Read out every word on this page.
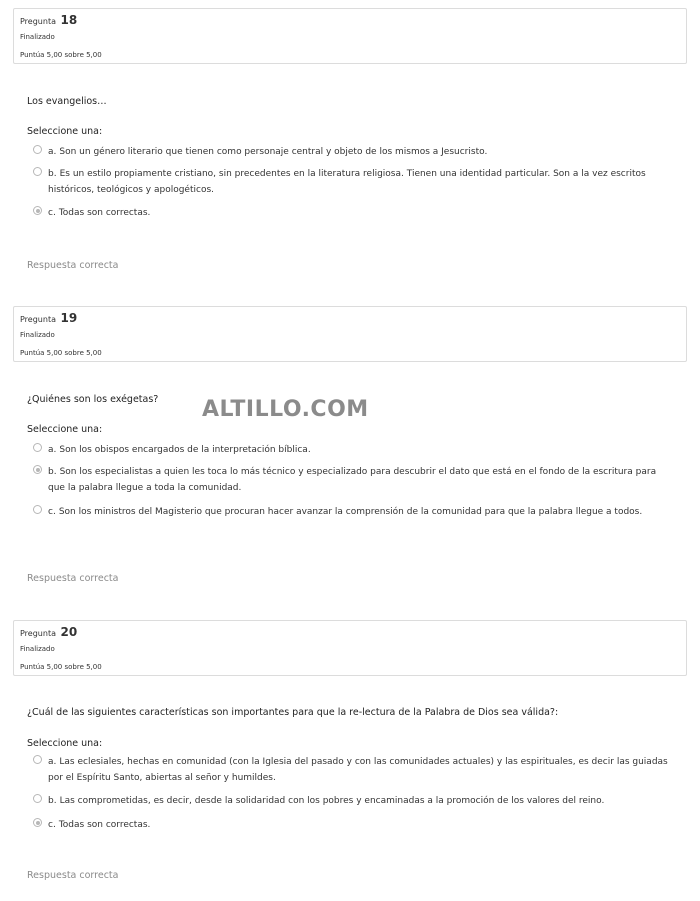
Pregunta 18
Finalizado
Puntúa 5,00 sobre 5,00
Los evangelios…
Seleccione una:
a. Son un género literario que tienen como personaje central y objeto de los mismos a Jesucristo.
b. Es un estilo propiamente cristiano, sin precedentes en la literatura religiosa. Tienen una identidad particular. Son a la vez escritos históricos, teológicos y apologéticos.
c. Todas son correctas.
Respuesta correcta
Pregunta 19
Finalizado
Puntúa 5,00 sobre 5,00
¿Quiénes son los exégetas?
Seleccione una:
a. Son los obispos encargados de la interpretación bíblica.
b. Son los especialistas a quien les toca lo más técnico y especializado para descubrir el dato que está en el fondo de la escritura para que la palabra llegue a toda la comunidad.
c. Son los ministros del Magisterio que procuran hacer avanzar la comprensión de la comunidad para que la palabra llegue a todos.
Respuesta correcta
Pregunta 20
Finalizado
Puntúa 5,00 sobre 5,00
¿Cuál de las siguientes características son importantes para que la re-lectura de la Palabra de Dios sea válida?:
Seleccione una:
a. Las eclesiales, hechas en comunidad (con la Iglesia del pasado y con las comunidades actuales) y las espirituales, es decir las guiadas por el Espíritu Santo, abiertas al señor y humildes.
b. Las comprometidas, es decir, desde la solidaridad con los pobres y encaminadas a la promoción de los valores del reino.
c. Todas son correctas.
Respuesta correcta
ALTILLO.COM
